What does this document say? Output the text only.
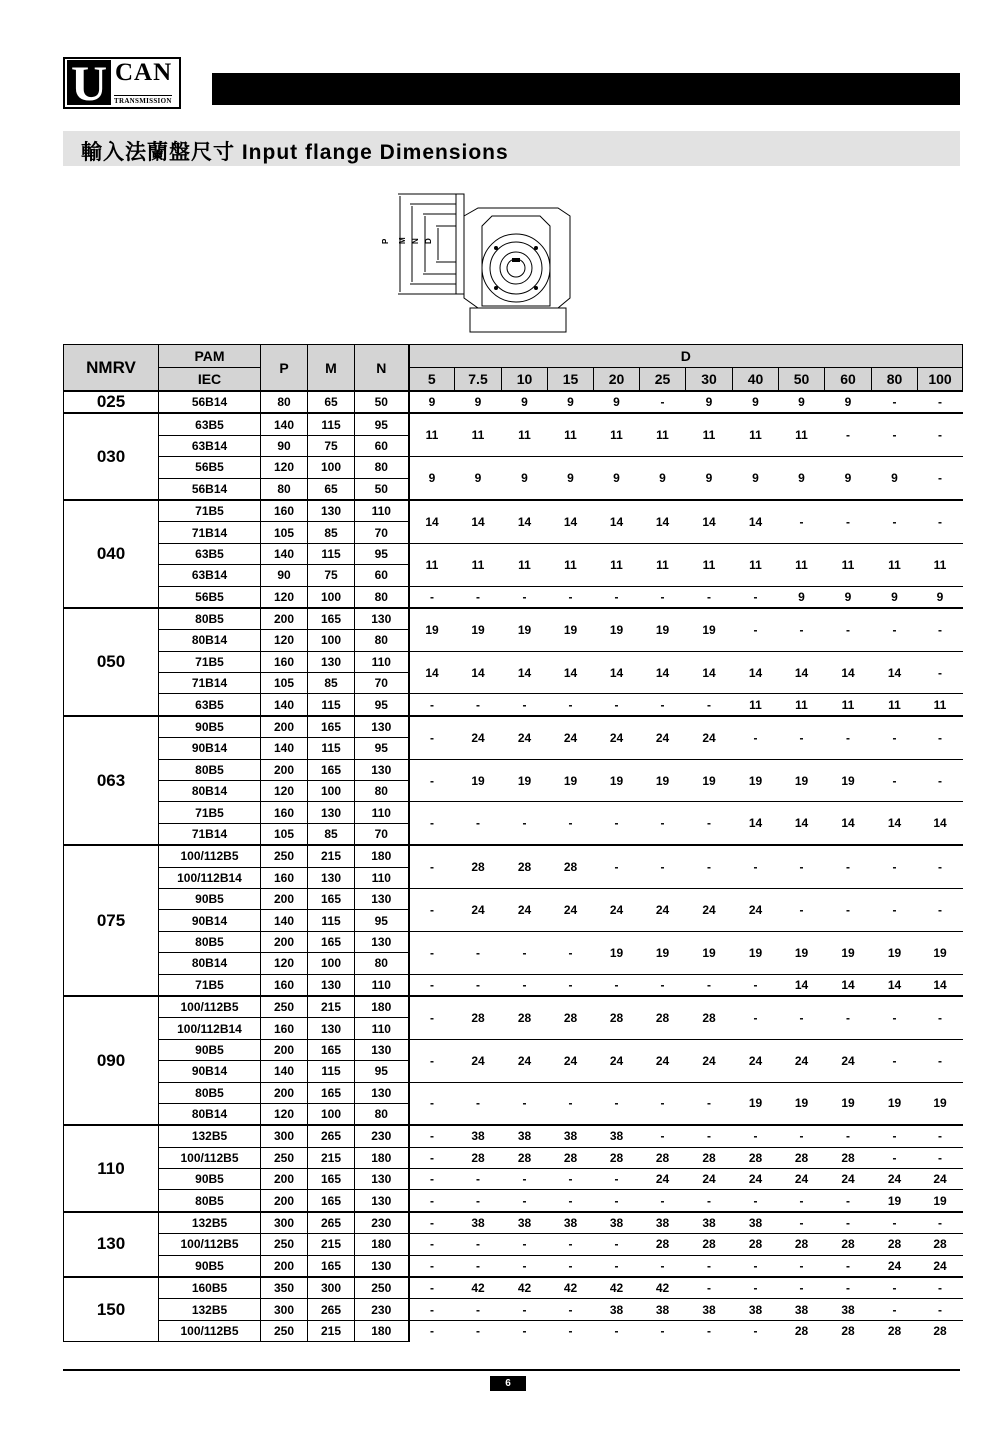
U CAN
TRANSMISSION
輸入法蘭盤尺寸 Input flange Dimensions
P M N D
NMRV	PAM	P	M	N	D											
	IEC				5	7.5	10	15	20	25	30	40	50	60	80	100
025	56B14	80	65	50	9	9	9	9	9	-	9	9	9	9	-	-
030	63B5	140	115	95	11	11	11	11	11	11	11	11	11	-	-	-
	63B14	90	75	60												
	56B5	120	100	80	9	9	9	9	9	9	9	9	9	9	9	-
	56B14	80	65	50												
040	71B5	160	130	110	14	14	14	14	14	14	14	14	-	-	-	-
	71B14	105	85	70												
	63B5	140	115	95	11	11	11	11	11	11	11	11	11	11	11	11
	63B14	90	75	60												
	56B5	120	100	80	-	-	-	-	-	-	-	-	9	9	9	9
050	80B5	200	165	130	19	19	19	19	19	19	19	-	-	-	-	-
	80B14	120	100	80												
	71B5	160	130	110	14	14	14	14	14	14	14	14	14	14	14	-
	71B14	105	85	70												
	63B5	140	115	95	-	-	-	-	-	-	-	11	11	11	11	11
063	90B5	200	165	130	-	24	24	24	24	24	24	-	-	-	-	-
	90B14	140	115	95												
	80B5	200	165	130	-	19	19	19	19	19	19	19	19	19	-	-
	80B14	120	100	80												
	71B5	160	130	110	-	-	-	-	-	-	-	14	14	14	14	14
	71B14	105	85	70												
075	100/112B5	250	215	180	-	28	28	28	-	-	-	-	-	-	-	-
	100/112B14	160	130	110												
	90B5	200	165	130	-	24	24	24	24	24	24	24	-	-	-	-
	90B14	140	115	95												
	80B5	200	165	130	-	-	-	-	19	19	19	19	19	19	19	19
	80B14	120	100	80												
	71B5	160	130	110	-	-	-	-	-	-	-	-	14	14	14	14
090	100/112B5	250	215	180	-	28	28	28	28	28	28	-	-	-	-	-
	100/112B14	160	130	110												
	90B5	200	165	130	-	24	24	24	24	24	24	24	24	24	-	-
	90B14	140	115	95												
	80B5	200	165	130	-	-	-	-	-	-	-	19	19	19	19	19
	80B14	120	100	80												
110	132B5	300	265	230	-	38	38	38	38	-	-	-	-	-	-	-
	100/112B5	250	215	180	-	28	28	28	28	28	28	28	28	28	-	-
	90B5	200	165	130	-	-	-	-	-	24	24	24	24	24	24	24
	80B5	200	165	130	-	-	-	-	-	-	-	-	-	-	19	19
130	132B5	300	265	230	-	38	38	38	38	38	38	38	-	-	-	-
	100/112B5	250	215	180	-	-	-	-	-	28	28	28	28	28	28	28
	90B5	200	165	130	-	-	-	-	-	-	-	-	-	-	24	24
150	160B5	350	300	250	-	42	42	42	42	42	-	-	-	-	-	-
	132B5	300	265	230	-	-	-	-	38	38	38	38	38	38	-	-
	100/112B5	250	215	180	-	-	-	-	-	-	-	-	28	28	28	28
6
